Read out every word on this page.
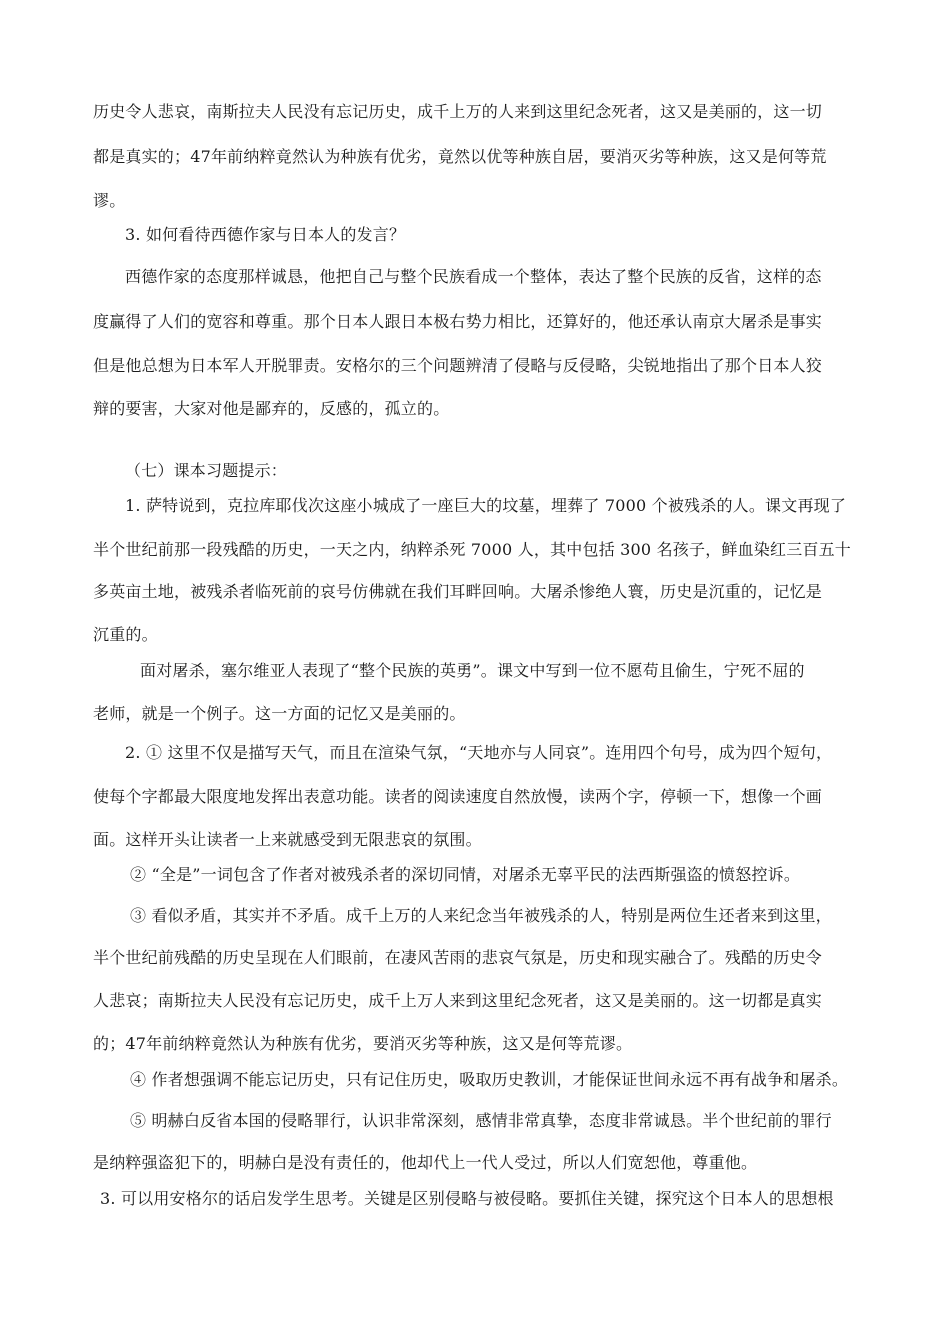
历史令人悲哀，南斯拉夫人民没有忘记历史，成千上万的人来到这里纪念死者，这又是美丽的，这一切
都是真实的；47年前纳粹竟然认为种族有优劣，竟然以优等种族自居，要消灭劣等种族，这又是何等荒
谬。
3. 如何看待西德作家与日本人的发言？
西德作家的态度那样诚恳，他把自己与整个民族看成一个整体，表达了整个民族的反省，这样的态
度赢得了人们的宽容和尊重。那个日本人跟日本极右势力相比，还算好的，他还承认南京大屠杀是事实
但是他总想为日本军人开脱罪责。安格尔的三个问题辨清了侵略与反侵略，尖锐地指出了那个日本人狡
辩的要害，大家对他是鄙弃的，反感的，孤立的。
（七）课本习题提示：
1. 萨特说到，克拉库耶伐次这座小城成了一座巨大的坟墓，埋葬了 7000 个被残杀的人。课文再现了
半个世纪前那一段残酷的历史，一天之内，纳粹杀死 7000 人，其中包括 300 名孩子，鲜血染红三百五十
多英亩土地，被残杀者临死前的哀号仿佛就在我们耳畔回响。大屠杀惨绝人寰，历史是沉重的，记忆是
沉重的。
面对屠杀，塞尔维亚人表现了“整个民族的英勇”。课文中写到一位不愿苟且偷生，宁死不屈的
老师，就是一个例子。这一方面的记忆又是美丽的。
2. ① 这里不仅是描写天气，而且在渲染气氛，“天地亦与人同哀”。连用四个句号，成为四个短句，
使每个字都最大限度地发挥出表意功能。读者的阅读速度自然放慢，读两个字，停顿一下，想像一个画
面。这样开头让读者一上来就感受到无限悲哀的氛围。
② “全是”一词包含了作者对被残杀者的深切同情，对屠杀无辜平民的法西斯强盗的愤怒控诉。
③ 看似矛盾，其实并不矛盾。成千上万的人来纪念当年被残杀的人，特别是两位生还者来到这里，
半个世纪前残酷的历史呈现在人们眼前，在凄风苦雨的悲哀气氛是，历史和现实融合了。残酷的历史令
人悲哀；南斯拉夫人民没有忘记历史，成千上万人来到这里纪念死者，这又是美丽的。这一切都是真实
的；47年前纳粹竟然认为种族有优劣，要消灭劣等种族，这又是何等荒谬。
④ 作者想强调不能忘记历史，只有记住历史，吸取历史教训，才能保证世间永远不再有战争和屠杀。
⑤ 明赫白反省本国的侵略罪行，认识非常深刻，感情非常真挚，态度非常诚恳。半个世纪前的罪行
是纳粹强盗犯下的，明赫白是没有责任的，他却代上一代人受过，所以人们宽恕他，尊重他。
3. 可以用安格尔的话启发学生思考。关键是区别侵略与被侵略。要抓住关键，探究这个日本人的思想根
